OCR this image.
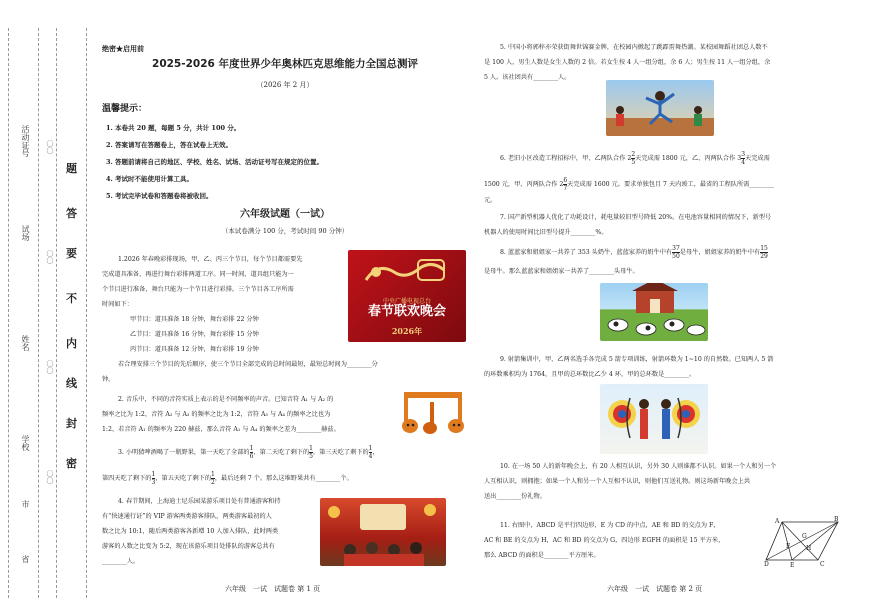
活动证号
试场
姓名
学校
市
省
〇〇
〇〇
〇〇
〇〇
题
答
要
不
内
线
封
密
绝密★启用前
2025-2026 年度世界少年奥林匹克思维能力全国总测评
（2026 年 2 月）
温馨提示：
1. 本卷共 20 题，每题 5 分，共计 100 分。
2. 答案请写在答题卷上，答在试卷上无效。
3. 答题前请将自己的地区、学校、姓名、试场、活动证号写在规定的位置。
4. 考试时不能使用计算工具。
5. 考试完毕试卷和答题卷将被收回。
六年级试题（一试）
（本试卷满分 100 分，考试时间 90 分钟）
1.2026 年春晚彩排现场，甲、乙、丙三个节目，每个节目都需要先
完成道具准备，再进行舞台彩排两道工序。同一时间，道具组只能为一
个节目进行准备，舞台只能为一个节目进行彩排。三个节目各工序所需
时间如下：
甲节目：道具准备 18 分钟，舞台彩排 22 分钟
乙节目：道具准备 16 分钟，舞台彩排 15 分钟
丙节目：道具准备 12 分钟，舞台彩排 19 分钟
若合理安排三个节目的先后顺序，使三个节目全部完成的总时间最短，最短总时间为________分
钟。
中央广播电视总台
春节联欢晚会
2026年
2. 音乐中，不同的音符实质上表示的是不同频率的声音。已知音符 A₁ 与 A₂ 的
频率之比为 1:2，音符 A₂ 与 A₃ 的频率之比为 1:2，音符 A₃ 与 A₄ 的频率之比也为
1:2，若音符 A₁ 的频率为 220 赫兹，那么音符 A₁ 与 A₄ 的频率之差为________赫兹。
3. 小明猜啤酒喝了一瓶野果，第一天吃了全部的 $\frac{1}{6}$ ，第二天吃了剩下的 $\frac{1}{5}$ ，第三天吃了剩下的 $\frac{1}{4}$ ，
第四天吃了剩下的 $\frac{1}{3}$ ，第五天吃了剩下的 $\frac{1}{2}$ ，最后还剩 7 个。那么这堆野果共有________个。
4. 春节期间，上海迪士尼乐园某游乐项目处有普通游客和持
有“快速通行证”的 VIP 游客两类游客排队，两类游客最初的人
数之比为 10:1，随后两类游客各新增 10 人加入排队，此时两类
游客的人数之比变为 5:2，现在该游乐项目处排队的游客总共有
________人。
六年级　一试　试题卷 第 1 页
5. 中国小将郭梓亦荣获街舞世锦赛金牌，在校园内掀起了跳霹雳舞热潮。某校园舞蹈社团总人数不
是 100 人，男生人数是女生人数的 2 倍。若女生按 4 人一组分组，余 6 人；男生按 11 人一组分组，余
5 人。该社团共有________人。
6. 老旧小区改造工程招标中，甲、乙两队合作 $2 \frac{2}{5}$ 天完成需 1800 元，乙、丙两队合作 $3 \frac{3}{4}$ 天完成需
1500 元，甲、丙两队合作 $2 \frac{6}{7}$ 天完成需 1600 元。要求单独包且 7 天内竣工，最省的工程队所需________
元。
7. 国产新型机器人优化了功耗设计，耗电量较旧型号降低 20%。在电池容量相同的情况下，新型号
机器人的使用时间比旧型号提升________%。
8. 蓝蓝家和姐姐家一共养了 353 头奶牛，蓝蓝家养的奶牛中有 $\frac{37}{50}$ 是母牛，姐姐家养的奶牛中有 $\frac{15}{29}$
是母牛。那么蓝蓝家和姐姐家一共养了________头母牛。
9. 射箭集训中，甲、乙两名选手各完成 5 箭专项训练，射箭环数为 1~10 的自然数。已知两人 5 箭
的环数乘积均为 1764，且甲的总环数比乙少 4 环，甲的总环数是________。
10. 在一场 50 人的新年晚会上，有 20 人相互认识，另外 30 人则谁都不认识。如果一个人和另一个
人互相认识，则拥抱；如果一个人和另一个人互相不认识，则他们互送礼物。则这场新年晚会上共
送出________份礼物。
11. 右图中，ABCD 是平行四边形，E 为 CD 的中点，AE 和 BD 的交点为 F，
AC 和 BE 的交点为 H，AC 和 BD 的交点为 G，四边形 EGFH 的面积是 15 平方米，
那么 ABCD 的面积是________平方厘米。
A	B
C
D	E
F
G
H
六年级　一试　试题卷 第 2 页
